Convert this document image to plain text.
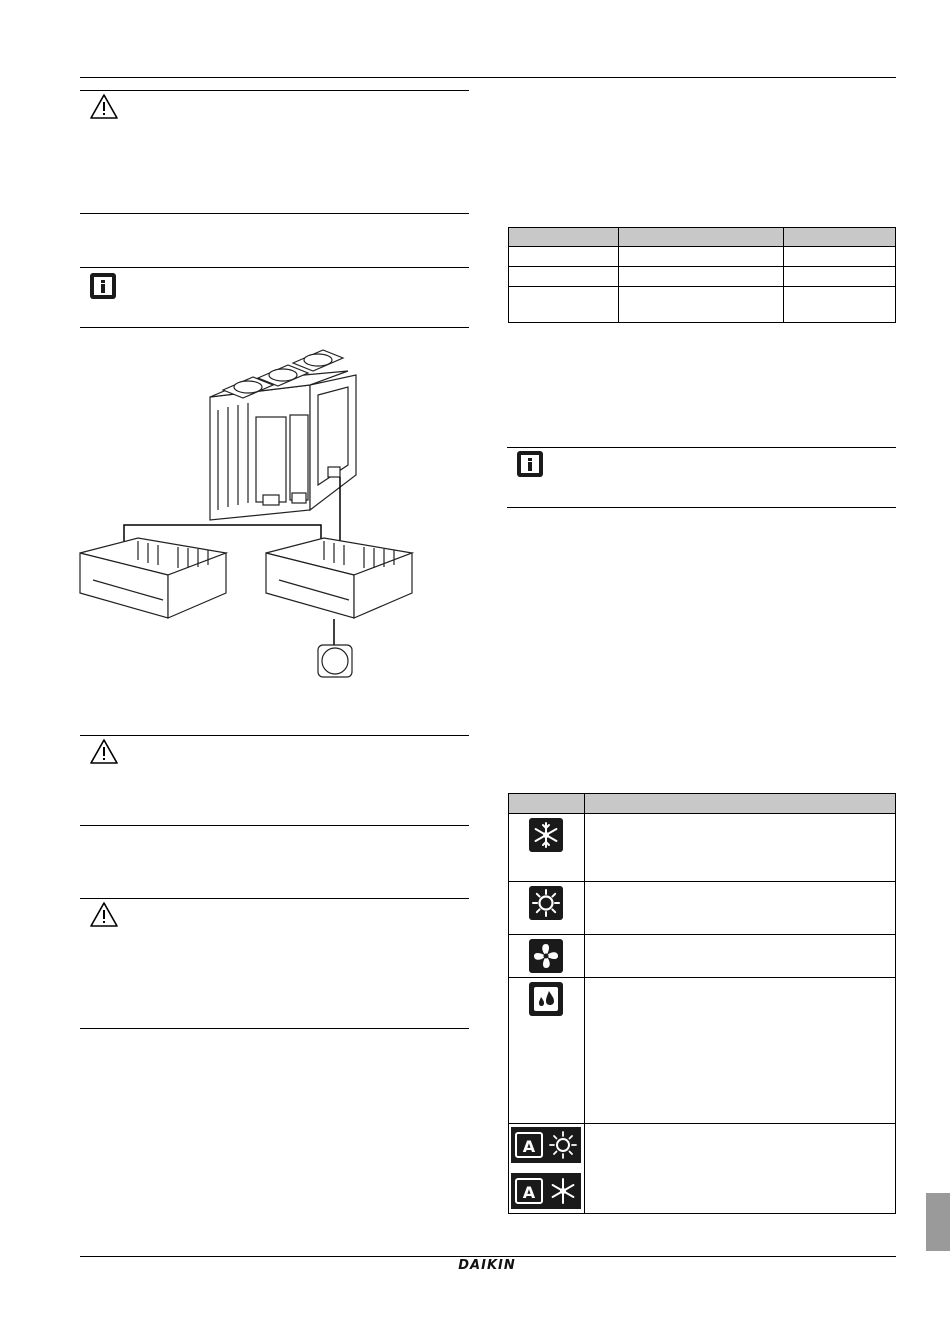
A
A	

DAIKIN
